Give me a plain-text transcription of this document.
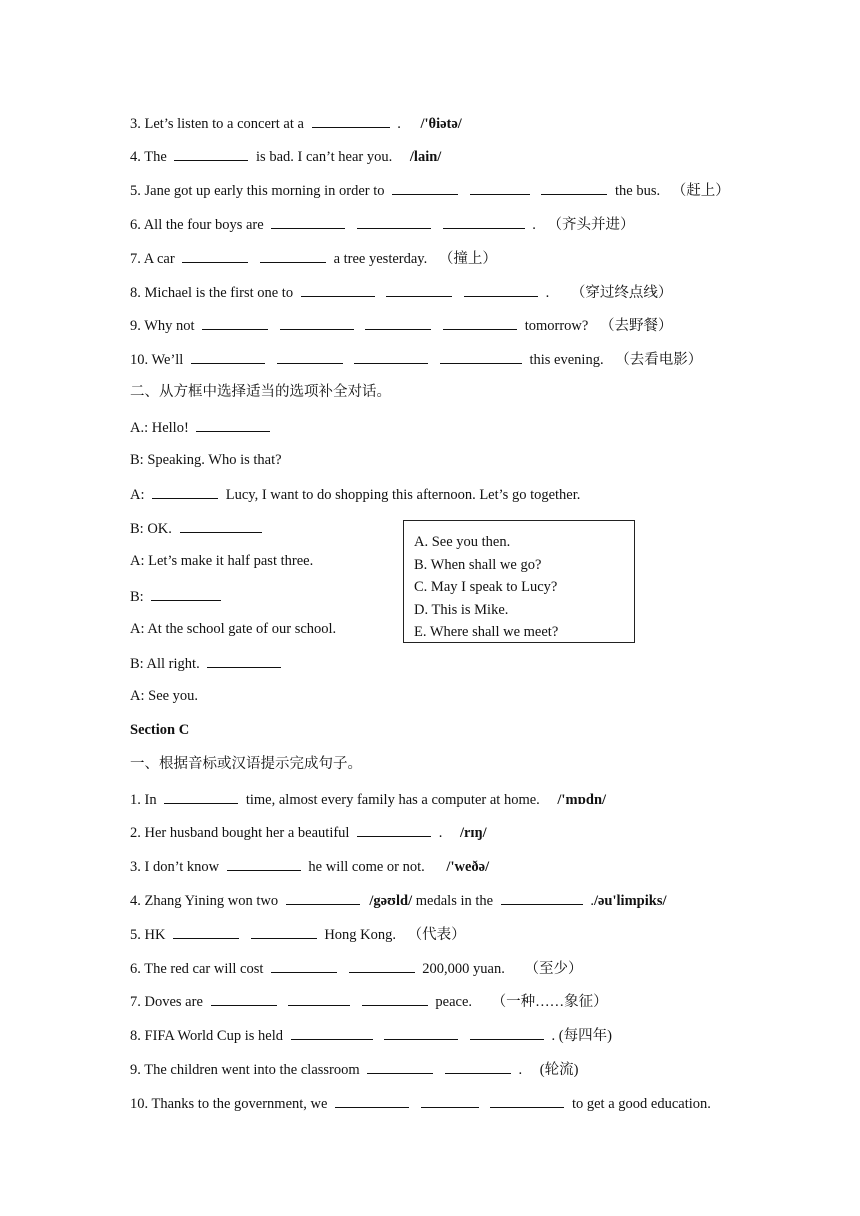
3. Let’s listen to a concert at a	. /'θiətə/
4. The	is bad. I can’t hear you. /lain/
5. Jane got up early this morning in order to	the bus. （赶上）
6. All the four boys are	. （齐头并进）
7. A car	a tree yesterday. （撞上）
8. Michael is the first one to	. （穿过终点线）
9. Why not	tomorrow? （去野餐）
10. We’ll	this evening. （去看电影）
二、从方框中选择适当的选项补全对话。
A.: Hello!
B: Speaking. Who is that?
A:	Lucy, I want to do shopping this afternoon. Let’s go together.
B: OK.
A: Let’s make it half past three.
B:
A: At the school gate of our school.
B: All right.
A: See you.
A. See you then.
B. When shall we go?
C. May I speak to Lucy?
D. This is Mike.
E. Where shall we meet?
Section C
一、根据音标或汉语提示完成句子。
1. In	time, almost every family has a computer at home. /'mɒdn/
2. Her husband bought her a beautiful	. /rɪŋ/
3. I don’t know	he will come or not. /'weðə/
4. Zhang Yining won two	/gəʊld/ medals in the	./əu'limpiks/
5. HK	Hong Kong. （代表）
6. The red car will cost	200,000 yuan. （至少）
7. Doves are	peace. （一种……象征）
8. FIFA World Cup is held	. (每四年)
9. The children went into the classroom	. (轮流)
10. Thanks to the government, we	to get a good education.
